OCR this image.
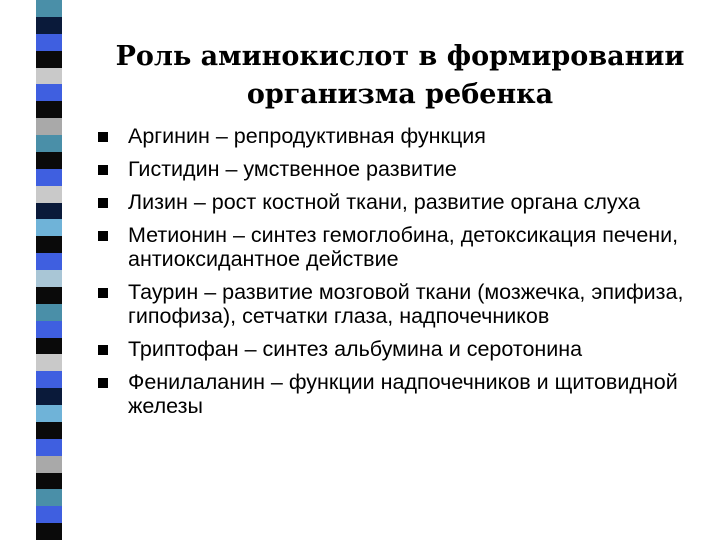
Роль аминокислот в формировании
организма ребенка
Аргинин – репродуктивная функция
Гистидин – умственное развитие
Лизин – рост костной ткани, развитие органа слуха
Метионин – синтез гемоглобина, детоксикация печени, антиоксидантное действие
Таурин – развитие мозговой ткани (мозжечка, эпифиза, гипофиза), сетчатки глаза, надпочечников
Триптофан – синтез альбумина и серотонина
Фенилаланин – функции надпочечников и щитовидной железы
